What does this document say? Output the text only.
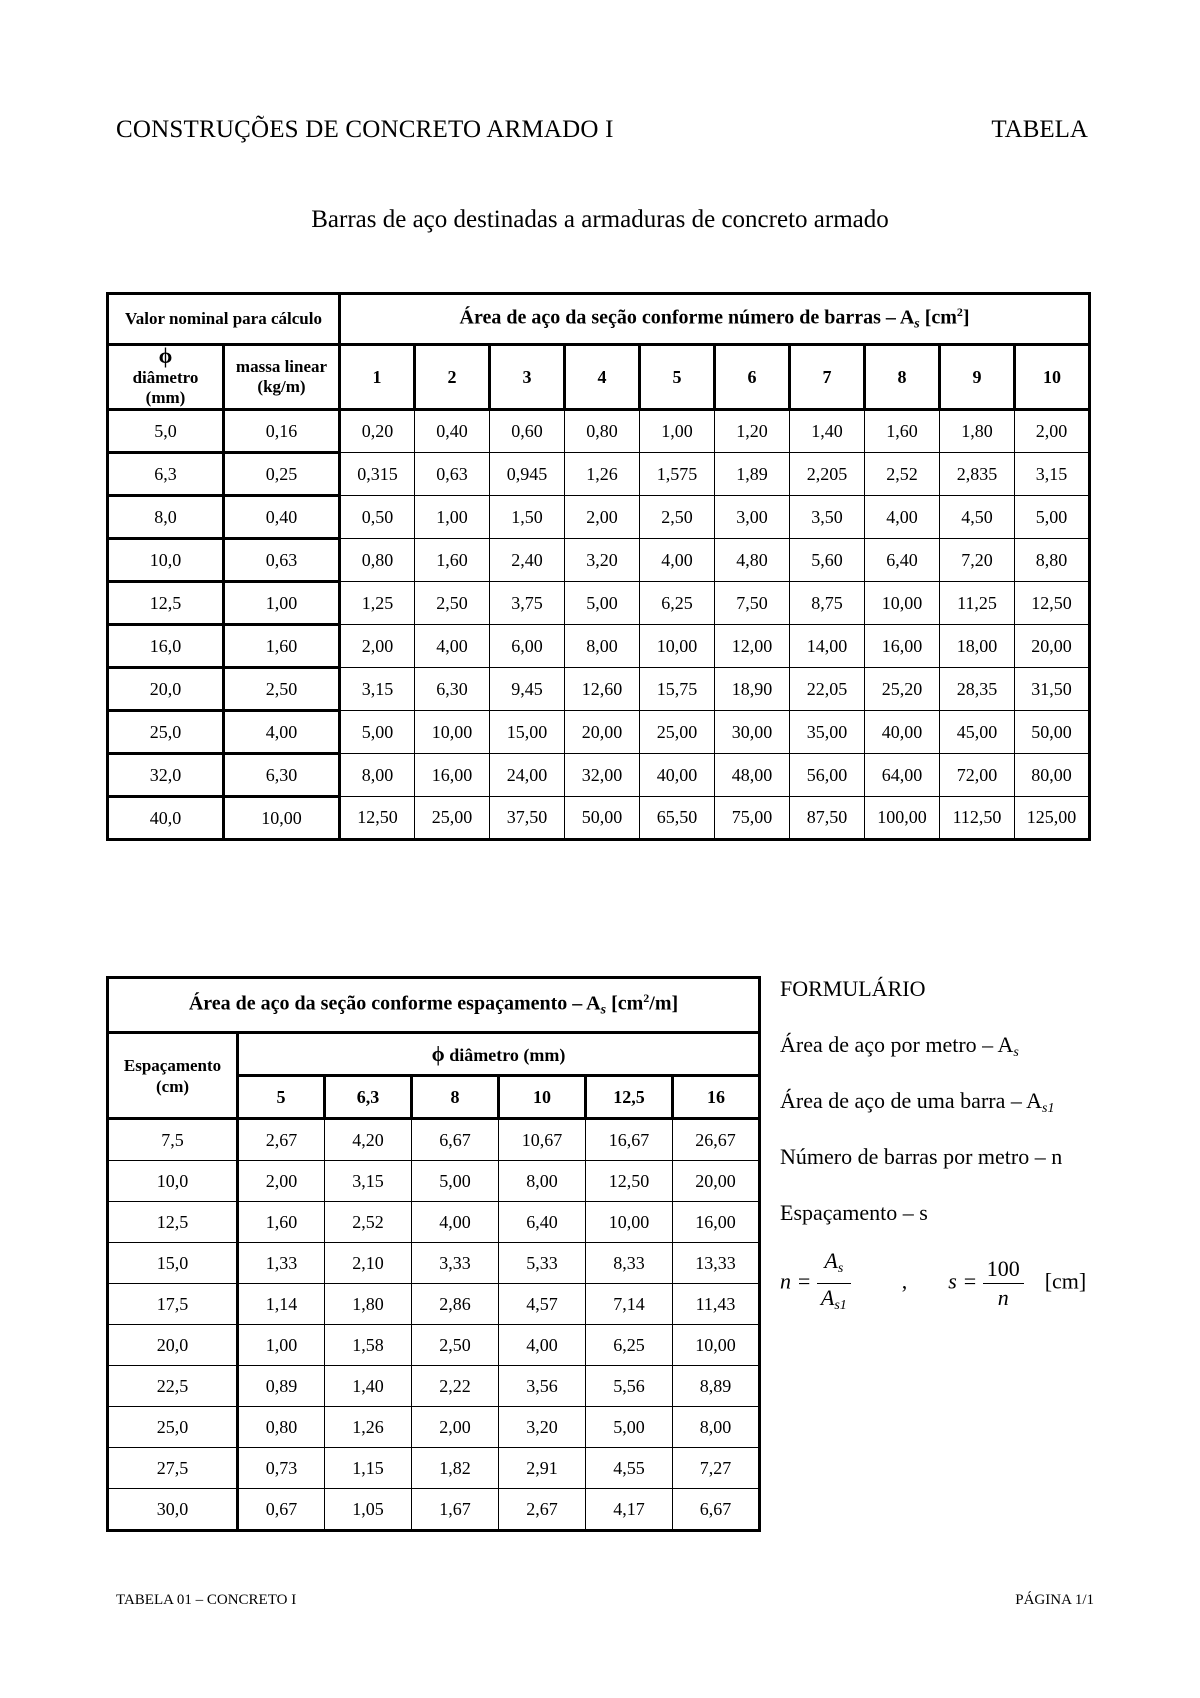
CONSTRUÇÕES DE CONCRETO ARMADO I	TABELA
Barras de aço destinadas a armaduras de concreto armado
Valor nominal para cálculo		Área de aço da seção conforme número de barras – $A_s$ $[cm^2]$									
ϕ
diâmetro
(mm)	massa linear
(kg/m)										
		1	2	3	4	5	6	7	8	9	10
5,0	0,16	0,20	0,40	0,60	0,80	1,00	1,20	1,40	1,60	1,80	2,00
6,3	0,25	0,315	0,63	0,945	1,26	1,575	1,89	2,205	2,52	2,835	3,15
8,0	0,40	0,50	1,00	1,50	2,00	2,50	3,00	3,50	4,00	4,50	5,00
10,0	0,63	0,80	1,60	2,40	3,20	4,00	4,80	5,60	6,40	7,20	8,80
12,5	1,00	1,25	2,50	3,75	5,00	6,25	7,50	8,75	10,00	11,25	12,50
16,0	1,60	2,00	4,00	6,00	8,00	10,00	12,00	14,00	16,00	18,00	20,00
20,0	2,50	3,15	6,30	9,45	12,60	15,75	18,90	22,05	25,20	28,35	31,50
25,0	4,00	5,00	10,00	15,00	20,00	25,00	30,00	35,00	40,00	45,00	50,00
32,0	6,30	8,00	16,00	24,00	32,00	40,00	48,00	56,00	64,00	72,00	80,00
40,0	10,00	12,50	25,00	37,50	50,00	65,50	75,00	87,50	100,00	112,50	125,00
Área de aço da seção conforme espaçamento – $A_s$ $[cm^2/m]$						
Espaçamento
(cm)	ϕ diâmetro (mm)					
	5	6,3	8	10	12,5	16
7,5	2,67	4,20	6,67	10,67	16,67	26,67
10,0	2,00	3,15	5,00	8,00	12,50	20,00
12,5	1,60	2,52	4,00	6,40	10,00	16,00
15,0	1,33	2,10	3,33	5,33	8,33	13,33
17,5	1,14	1,80	2,86	4,57	7,14	11,43
20,0	1,00	1,58	2,50	4,00	6,25	10,00
22,5	0,89	1,40	2,22	3,56	5,56	8,89
25,0	0,80	1,26	2,00	3,20	5,00	8,00
27,5	0,73	1,15	1,82	2,91	4,55	7,27
30,0	0,67	1,05	1,67	2,67	4,17	6,67
FORMULÁRIO
Área de aço por metro – $A_s$
Área de aço de uma barra – $A_{s1}$
Número de barras por metro – n
Espaçamento – s
$n = \frac{A_s}{A_{s1}}$ , $s = \frac{100}{n} [cm]$
TABELA 01 – CONCRETO I	PÁGINA 1/1
